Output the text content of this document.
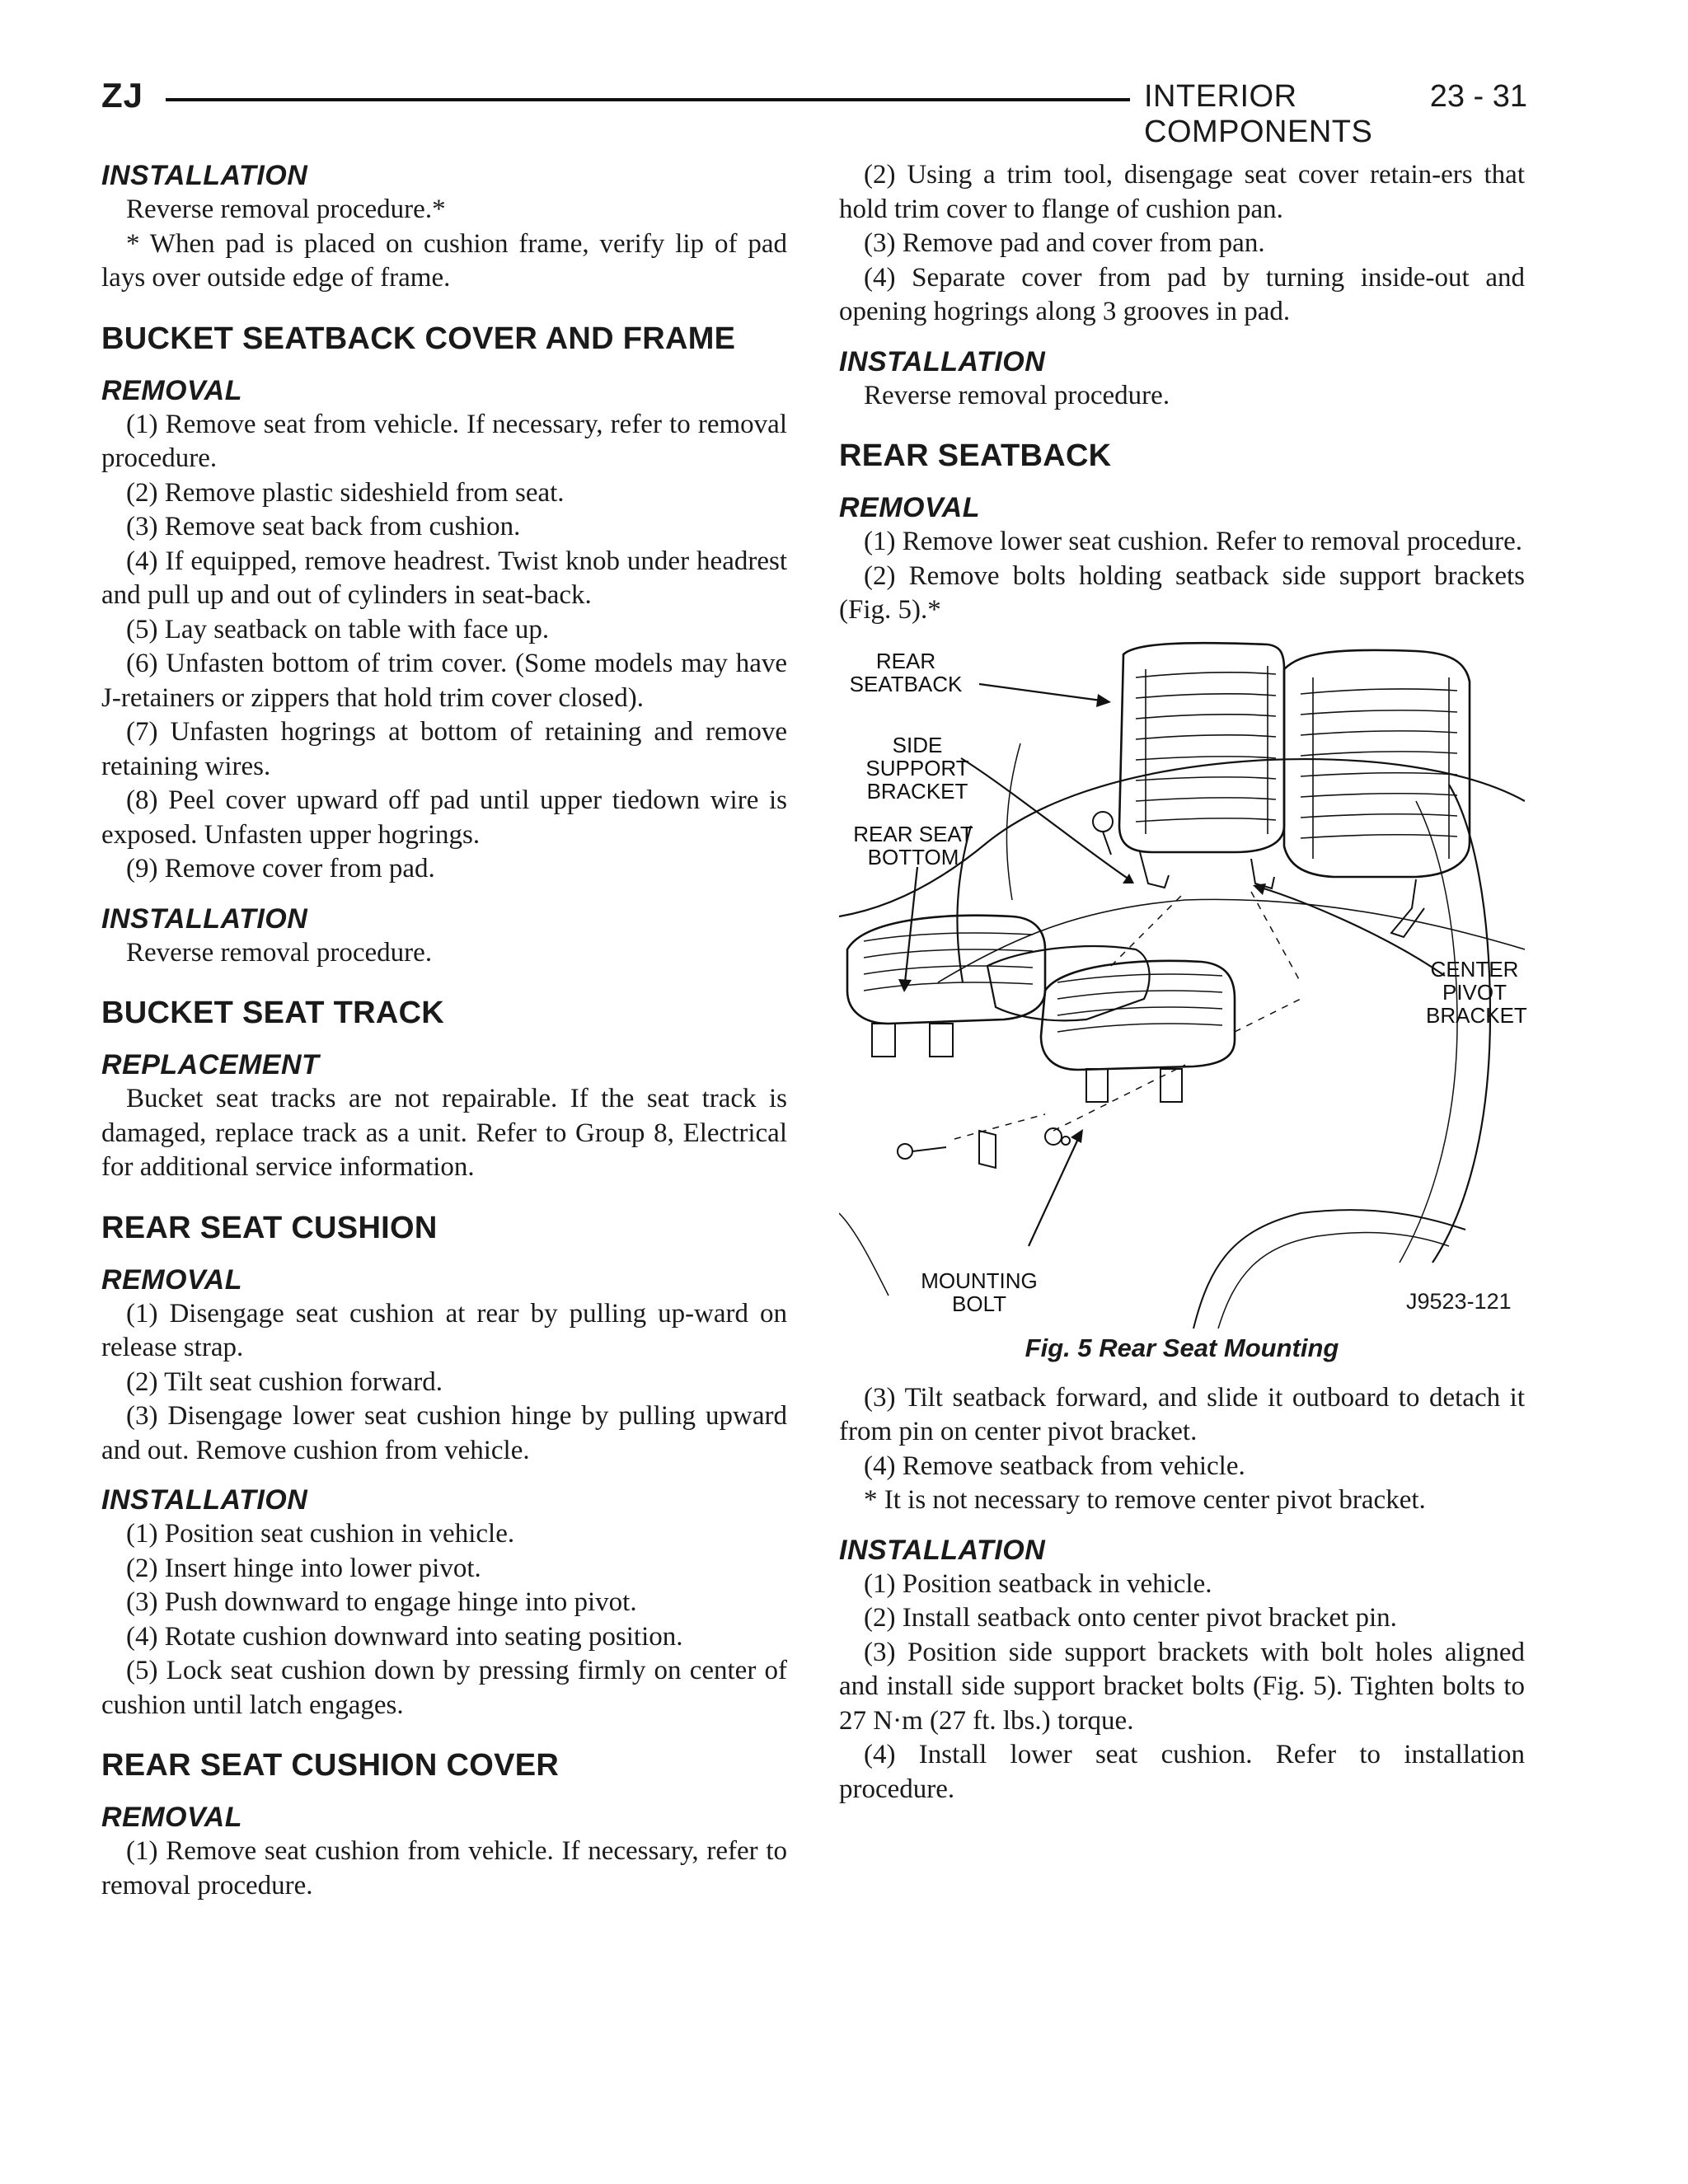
ZJ	INTERIOR COMPONENTS
23 - 31
INSTALLATION

Reverse removal procedure.*

* When pad is placed on cushion frame, verify lip of pad lays over outside edge of frame.

BUCKET SEATBACK COVER AND FRAME
REMOVAL

(1) Remove seat from vehicle. If necessary, refer to removal procedure.

(2) Remove plastic sideshield from seat.

(3) Remove seat back from cushion.

(4) If equipped, remove headrest. Twist knob under headrest and pull up and out of cylinders in seat-back.

(5) Lay seatback on table with face up.

(6) Unfasten bottom of trim cover. (Some models may have J-retainers or zippers that hold trim cover closed).

(7) Unfasten hogrings at bottom of retaining and remove retaining wires.

(8) Peel cover upward off pad until upper tiedown wire is exposed. Unfasten upper hogrings.

(9) Remove cover from pad.

INSTALLATION

Reverse removal procedure.

BUCKET SEAT TRACK
REPLACEMENT

Bucket seat tracks are not repairable. If the seat track is damaged, replace track as a unit. Refer to Group 8, Electrical for additional service information.

REAR SEAT CUSHION
REMOVAL

(1) Disengage seat cushion at rear by pulling up-ward on release strap.

(2) Tilt seat cushion forward.

(3) Disengage lower seat cushion hinge by pulling upward and out. Remove cushion from vehicle.

INSTALLATION

(1) Position seat cushion in vehicle.

(2) Insert hinge into lower pivot.

(3) Push downward to engage hinge into pivot.

(4) Rotate cushion downward into seating position.

(5) Lock seat cushion down by pressing firmly on center of cushion until latch engages.

REAR SEAT CUSHION COVER
REMOVAL

(1) Remove seat cushion from vehicle. If necessary, refer to removal procedure.

(2) Using a trim tool, disengage seat cover retain-ers that hold trim cover to flange of cushion pan.

(3) Remove pad and cover from pan.

(4) Separate cover from pad by turning inside-out and opening hogrings along 3 grooves in pad.

INSTALLATION

Reverse removal procedure.

REAR SEATBACK
REMOVAL

(1) Remove lower seat cushion. Refer to removal procedure.

(2) Remove bolts holding seatback side support brackets (Fig. 5).*

REAR SEATBACK
SIDE SUPPORT BRACKET
REAR SEAT BOTTOM
CENTER PIVOT BRACKET
MOUNTING BOLT	J9523-121
Fig. 5 Rear Seat Mounting

(3) Tilt seatback forward, and slide it outboard to detach it from pin on center pivot bracket.

(4) Remove seatback from vehicle.

* It is not necessary to remove center pivot bracket.

INSTALLATION

(1) Position seatback in vehicle.

(2) Install seatback onto center pivot bracket pin.

(3) Position side support brackets with bolt holes aligned and install side support bracket bolts (Fig. 5). Tighten bolts to 27 N·m (27 ft. lbs.) torque.

(4) Install lower seat cushion. Refer to installation procedure.
